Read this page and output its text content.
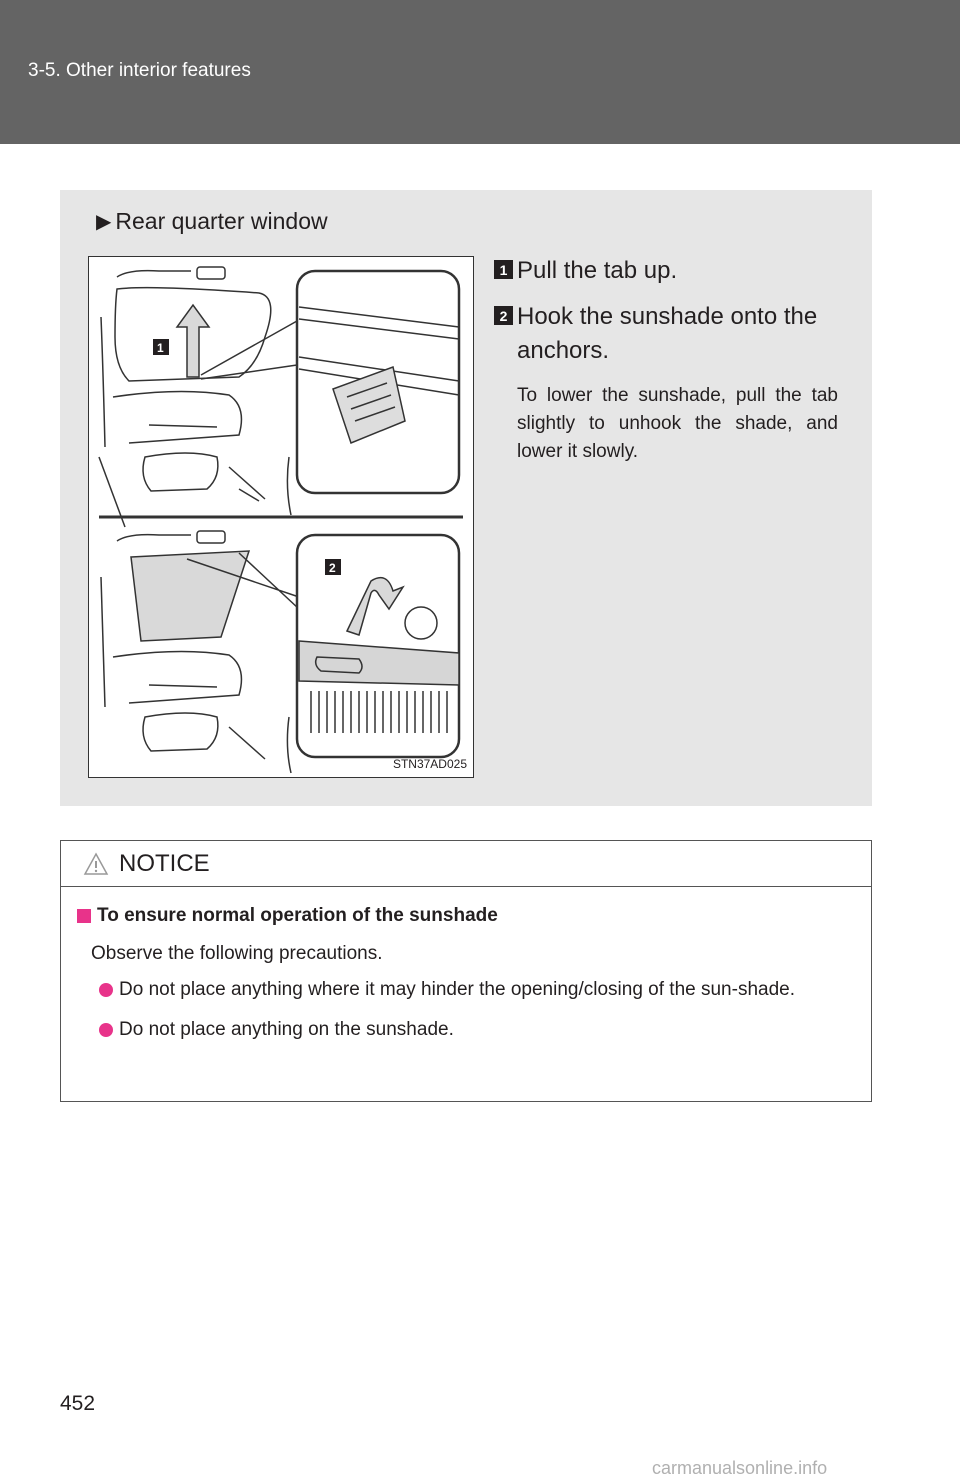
3-5. Other interior features
▶ Rear quarter window
1
2
STN37AD025
1 Pull the tab up.
2 Hook the sunshade onto the anchors.
To lower the sunshade, pull the tab slightly to unhook the shade, and lower it slowly.
NOTICE
To ensure normal operation of the sunshade
Observe the following precautions.
Do not place anything where it may hinder the opening/closing of the sun-shade.
Do not place anything on the sunshade.
452
carmanualsonline.info
